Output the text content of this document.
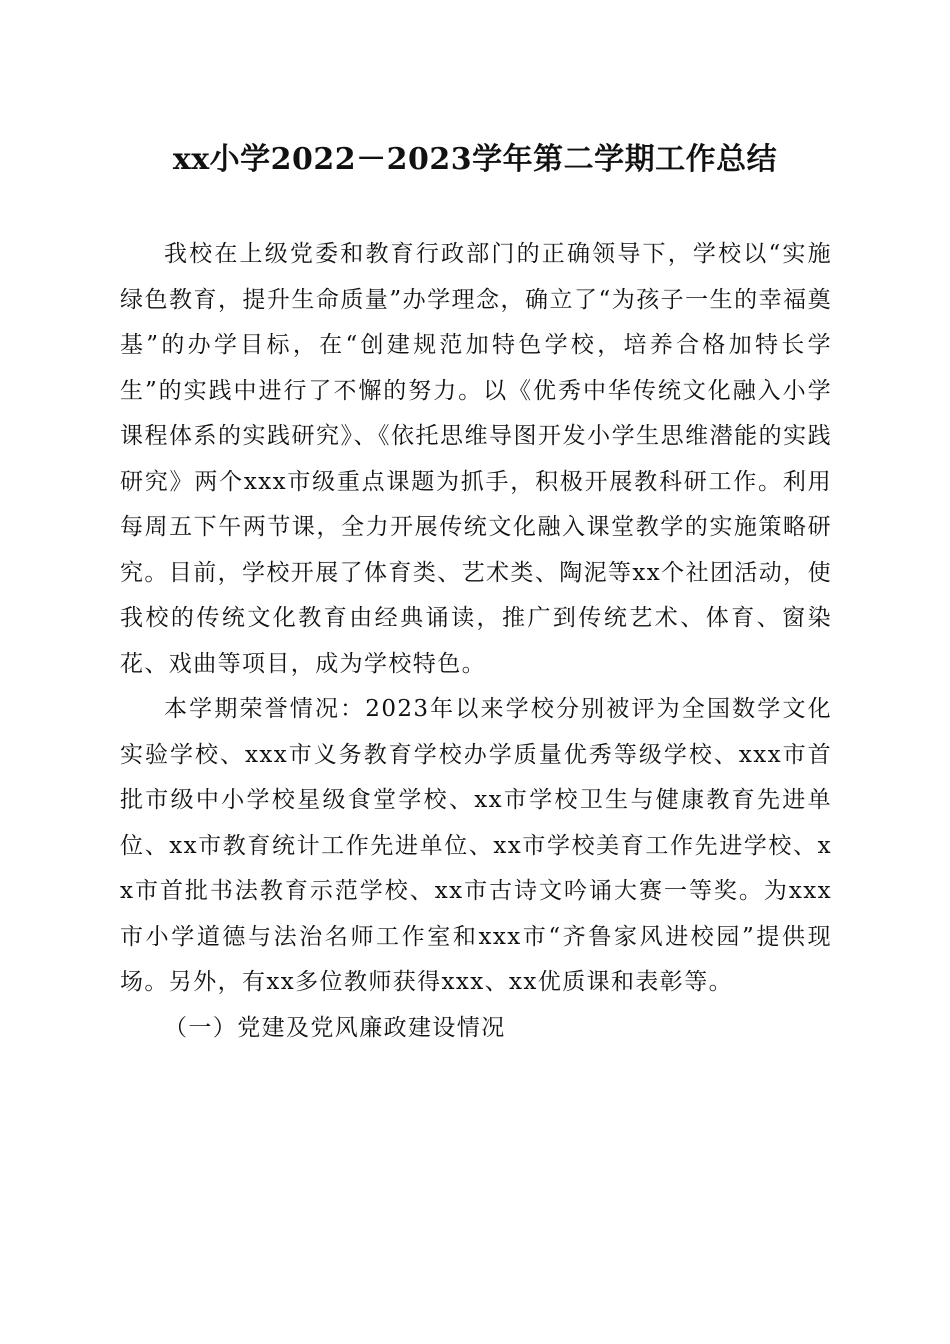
xx小学2022－2023学年第二学期工作总结

我校在上级党委和教育行政部门的正确领导下，学校以“实施绿色教育，提升生命质量”办学理念，确立了“为孩子一生的幸福奠基”的办学目标，在“创建规范加特色学校，培养合格加特长学生”的实践中进行了不懈的努力。以《优秀中华传统文化融入小学课程体系的实践研究》、《依托思维导图开发小学生思维潜能的实践研究》两个xxx市级重点课题为抓手，积极开展教科研工作。利用每周五下午两节课，全力开展传统文化融入课堂教学的实施策略研究。目前，学校开展了体育类、艺术类、陶泥等xx个社团活动，使我校的传统文化教育由经典诵读，推广到传统艺术、体育、窗染花、戏曲等项目，成为学校特色。

本学期荣誉情况：2023年以来学校分别被评为全国数学文化实验学校、xxx市义务教育学校办学质量优秀等级学校、xxx市首批市级中小学校星级食堂学校、xx市学校卫生与健康教育先进单位、xx市教育统计工作先进单位、xx市学校美育工作先进学校、xx市首批书法教育示范学校、xx市古诗文吟诵大赛一等奖。为xxx市小学道德与法治名师工作室和xxx市“齐鲁家风进校园”提供现场。另外，有xx多位教师获得xxx、xx优质课和表彰等。

（一）党建及党风廉政建设情况
